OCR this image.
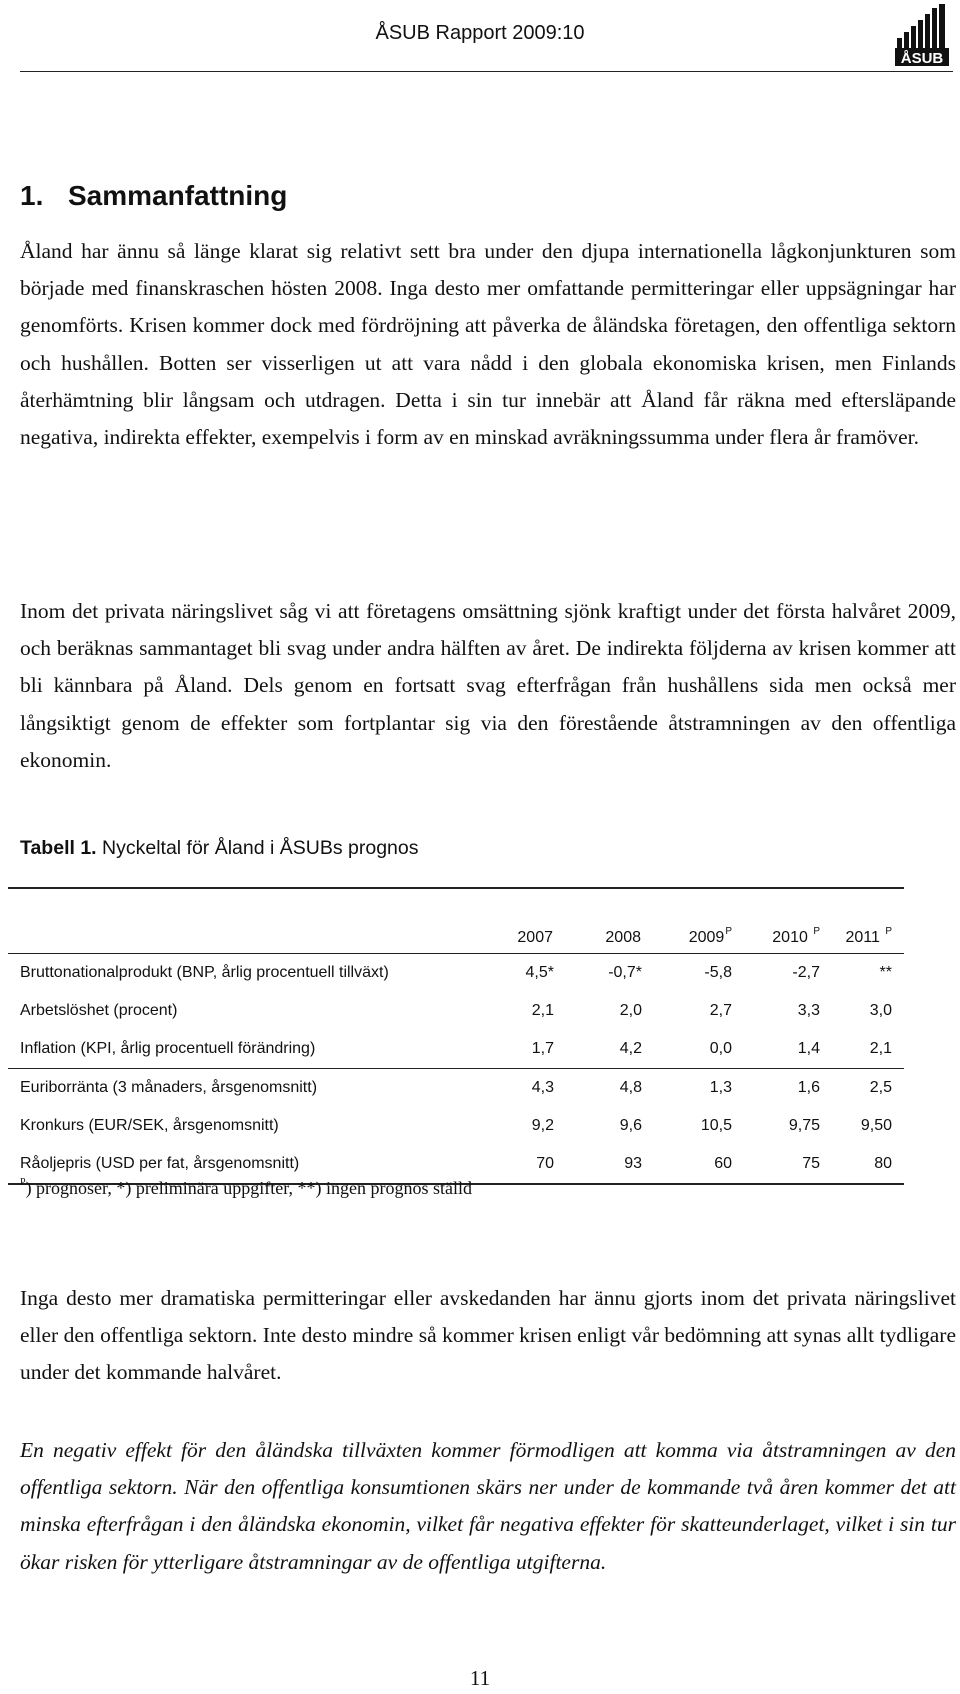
ÅSUB Rapport 2009:10
ÅSUB
1. Sammanfattning

Åland har ännu så länge klarat sig relativt sett bra under den djupa internationella lågkonjunkturen som började med finanskraschen hösten 2008. Inga desto mer omfattande permitteringar eller uppsägningar har genomförts. Krisen kommer dock med fördröjning att påverka de åländska företagen, den offentliga sektorn och hushållen. Botten ser visserligen ut att vara nådd i den globala ekonomiska krisen, men Finlands återhämtning blir långsam och utdragen. Detta i sin tur innebär att Åland får räkna med eftersläpande negativa, indirekta effekter, exempelvis i form av en minskad avräkningssumma under flera år framöver.

Inom det privata näringslivet såg vi att företagens omsättning sjönk kraftigt under det första halvåret 2009, och beräknas sammantaget bli svag under andra hälften av året. De indirekta följderna av krisen kommer att bli kännbara på Åland. Dels genom en fortsatt svag efterfrågan från hushållens sida men också mer långsiktigt genom de effekter som fortplantar sig via den förestående åtstramningen av den offentliga ekonomin.

Tabell 1. Nyckeltal för Åland i ÅSUBs prognos
	2007	2008	$2009^P$	2010 $^P$	2011 $^P$
Bruttonationalprodukt (BNP, årlig procentuell tillväxt)	4,5*	-0,7*	-5,8	-2,7	**
Arbetslöshet (procent)	2,1	2,0	2,7	3,3	3,0
Inflation (KPI, årlig procentuell förändring)	1,7	4,2	0,0	1,4	2,1
Euriborränta (3 månaders, årsgenomsnitt)	4,3	4,8	1,3	1,6	2,5
Kronkurs (EUR/SEK, årsgenomsnitt)	9,2	9,6	10,5	9,75	9,50
Råoljepris (USD per fat, årsgenomsnitt)	70	93	60	75	80
$^P$) prognoser, *) preliminära uppgifter, **) ingen prognos ställd

Inga desto mer dramatiska permitteringar eller avskedanden har ännu gjorts inom det privata näringslivet eller den offentliga sektorn. Inte desto mindre så kommer krisen enligt vår bedömning att synas allt tydligare under det kommande halvåret.

En negativ effekt för den åländska tillväxten kommer förmodligen att komma via åtstramningen av den offentliga sektorn. När den offentliga konsumtionen skärs ner under de kommande två åren kommer det att minska efterfrågan i den åländska ekonomin, vilket får negativa effekter för skatteunderlaget, vilket i sin tur ökar risken för ytterligare åtstramningar av de offentliga utgifterna.

11
